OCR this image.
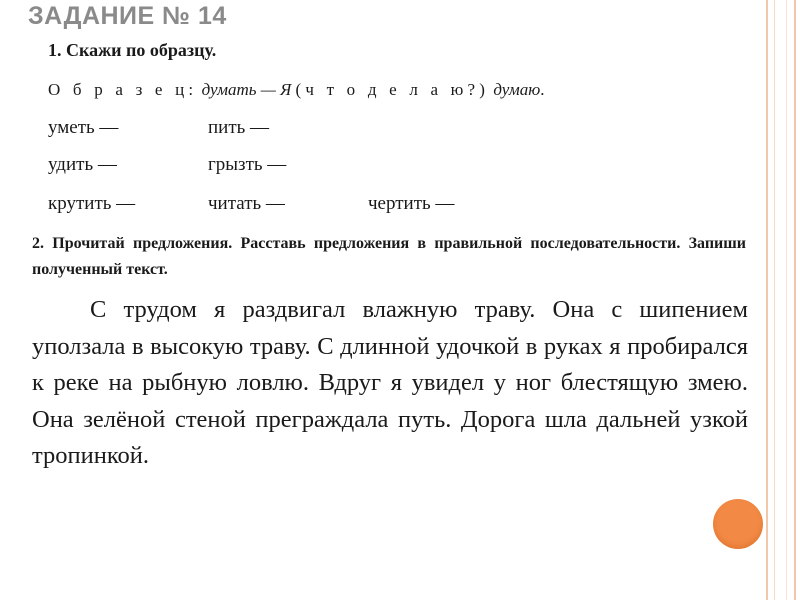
ЗАДАНИЕ № 14
1. Скажи по образцу.
О б р а з е ц: думать — Я (ч т о д е л а ю?) думаю.
уметь —
удить —
крутить —
пить —
грызть —
читать —	чертить —
2. Прочитай предложения. Расставь предложения в правильной последовательности. Запиши полученный текст.
С трудом я раздвигал влажную траву. Она с шипением уползала в высокую траву. С длинной удочкой в руках я пробирался к реке на рыбную ловлю. Вдруг я увидел у ног блестящую змею. Она зелёной стеной преграждала путь. Дорога шла дальней узкой тропинкой.
